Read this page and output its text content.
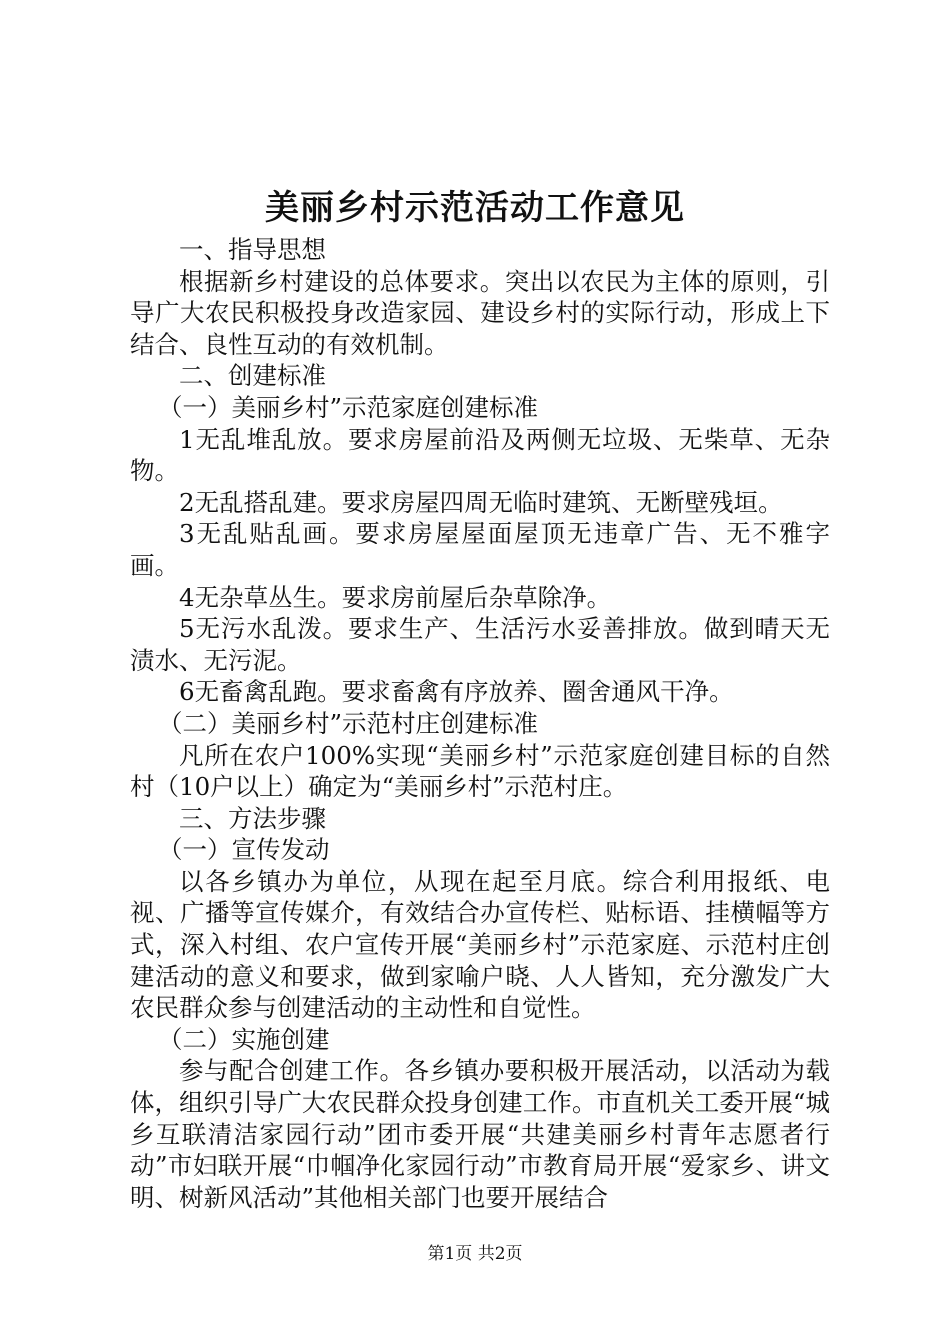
美丽乡村示范活动工作意见

一、指导思想

根据新乡村建设的总体要求。突出以农民为主体的原则，引导广大农民积极投身改造家园、建设乡村的实际行动，形成上下结合、良性互动的有效机制。

二、创建标准

（一）美丽乡村”示范家庭创建标准

1无乱堆乱放。要求房屋前沿及两侧无垃圾、无柴草、无杂物。

2无乱搭乱建。要求房屋四周无临时建筑、无断壁残垣。

3无乱贴乱画。要求房屋屋面屋顶无违章广告、无不雅字画。

4无杂草丛生。要求房前屋后杂草除净。

5无污水乱泼。要求生产、生活污水妥善排放。做到晴天无渍水、无污泥。

6无畜禽乱跑。要求畜禽有序放养、圈舍通风干净。

（二）美丽乡村”示范村庄创建标准

凡所在农户100%实现“美丽乡村”示范家庭创建目标的自然村（10户以上）确定为“美丽乡村”示范村庄。

三、方法步骤

（一）宣传发动

以各乡镇办为单位，从现在起至月底。综合利用报纸、电视、广播等宣传媒介，有效结合办宣传栏、贴标语、挂横幅等方式，深入村组、农户宣传开展“美丽乡村”示范家庭、示范村庄创建活动的意义和要求，做到家喻户晓、人人皆知，充分激发广大农民群众参与创建活动的主动性和自觉性。

（二）实施创建

参与配合创建工作。各乡镇办要积极开展活动，以活动为载体，组织引导广大农民群众投身创建工作。市直机关工委开展“城乡互联清洁家园行动”团市委开展“共建美丽乡村青年志愿者行动”市妇联开展“巾帼净化家园行动”市教育局开展“爱家乡、讲文明、树新风活动”其他相关部门也要开展结合

第1页 共2页
